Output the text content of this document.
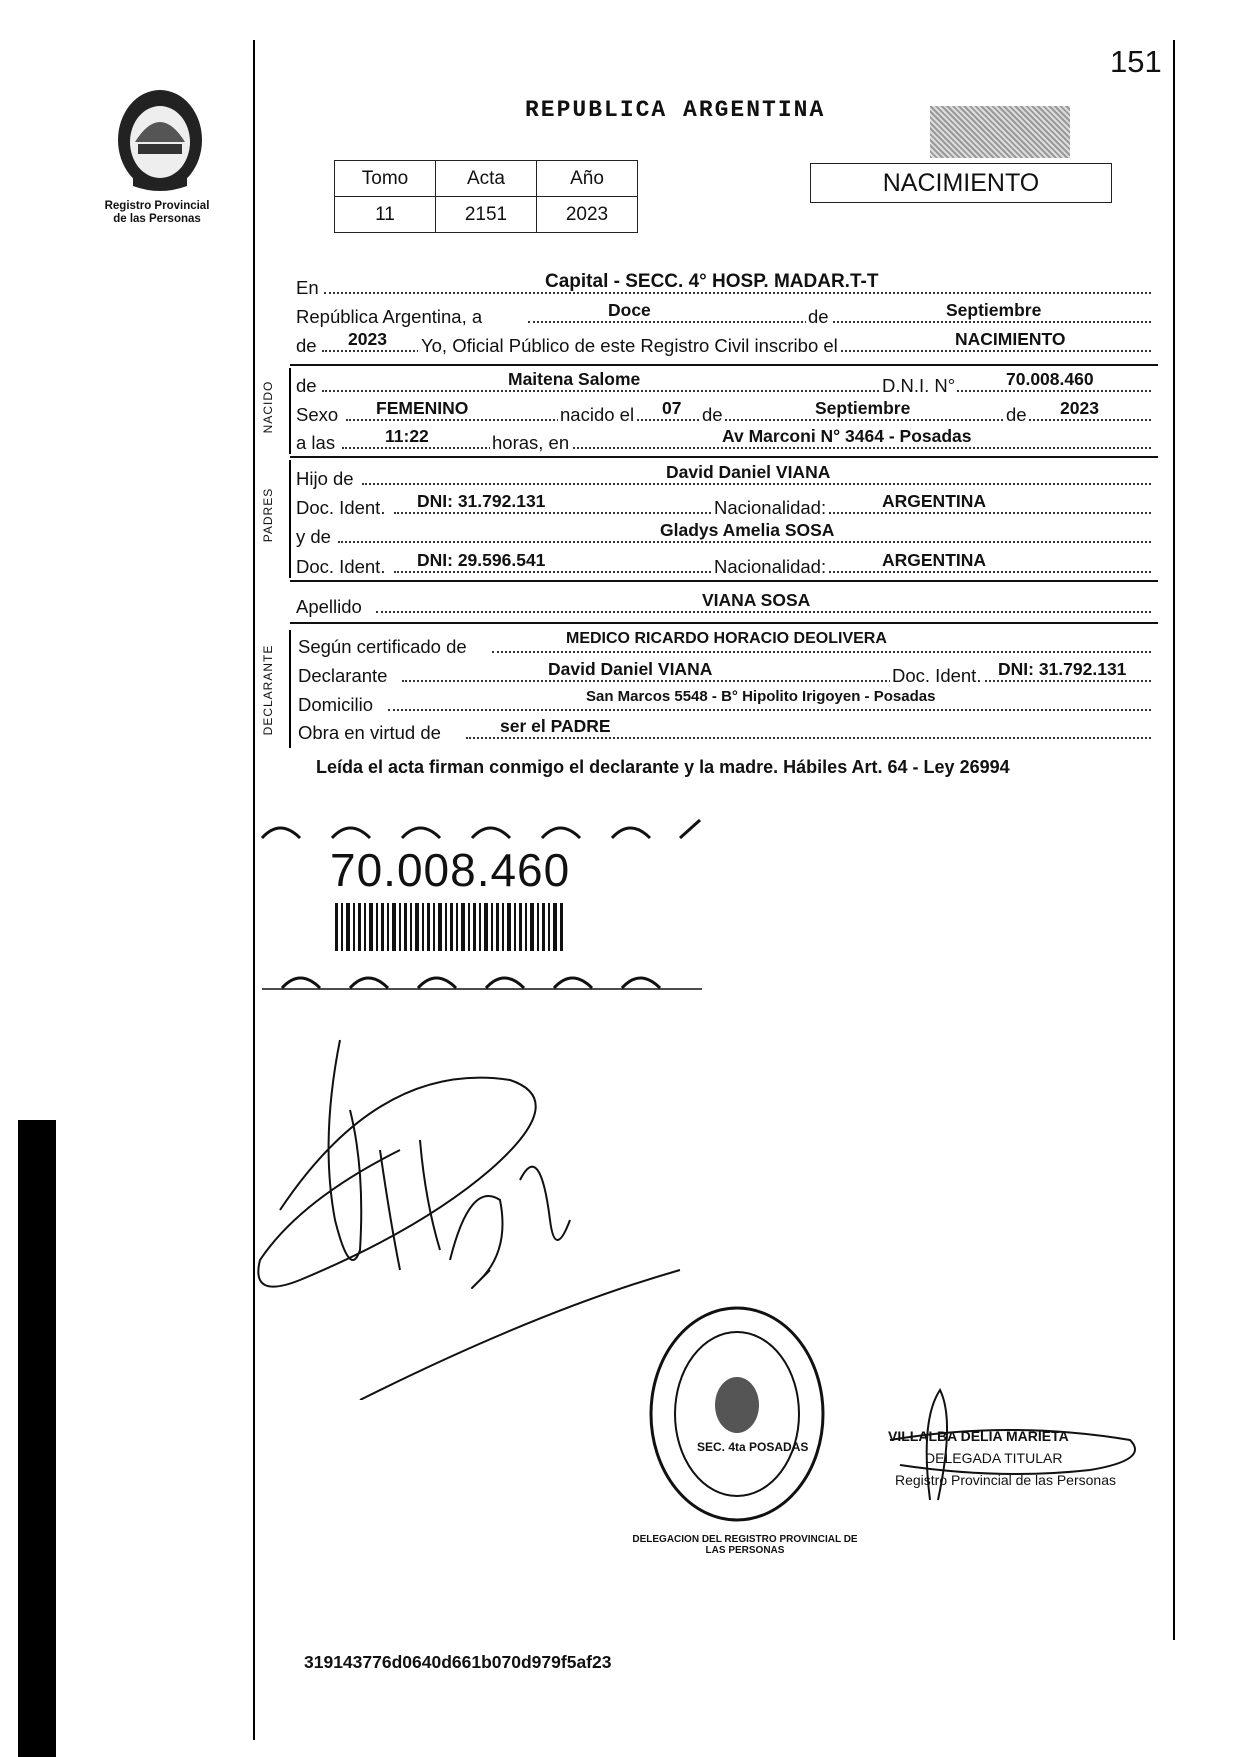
151
Registro Provincial
de las Personas
REPUBLICA ARGENTINA
Tomo	Acta	Año
11	2151	2023
NACIMIENTO
En	Capital - SECC. 4° HOSP. MADAR.T-T
República Argentina, a	Doce	de	Septiembre
de 2023 Yo, Oficial Público de este Registro Civil inscribo el	NACIMIENTO
NACIDO de	Maitena Salome	D.N.I. N°	70.008.460
Sexo FEMENINO	nacido el 07 de	Septiembre	de 2023
a las	11:22	horas, en	Av Marconi N° 3464 - Posadas
PADRES
Hijo de	David Daniel VIANA
Doc. Ident. DNI: 31.792.131	Nacionalidad:	ARGENTINA
y de	Gladys Amelia SOSA
Doc. Ident. DNI: 29.596.541	Nacionalidad:	ARGENTINA
Apellido	VIANA SOSA
DECLARANTE Según certificado de	MEDICO RICARDO HORACIO DEOLIVERA
Declarante	David Daniel VIANA	Doc. Ident. DNI: 31.792.131
Domicilio	San Marcos 5548 - B° Hipolito Irigoyen - Posadas
Obra en virtud de	ser el PADRE
Leída el acta firman conmigo el declarante y la madre. Hábiles Art. 64 - Ley 26994
70.008.460
DELEGACION DEL REGISTRO PROVINCIAL DE LAS PERSONAS
SEC. 4ta POSADAS
VILLALBA DELIA MARIETA
DELEGADA TITULAR
Registro Provincial de las Personas
319143776d0640d661b070d979f5af23
